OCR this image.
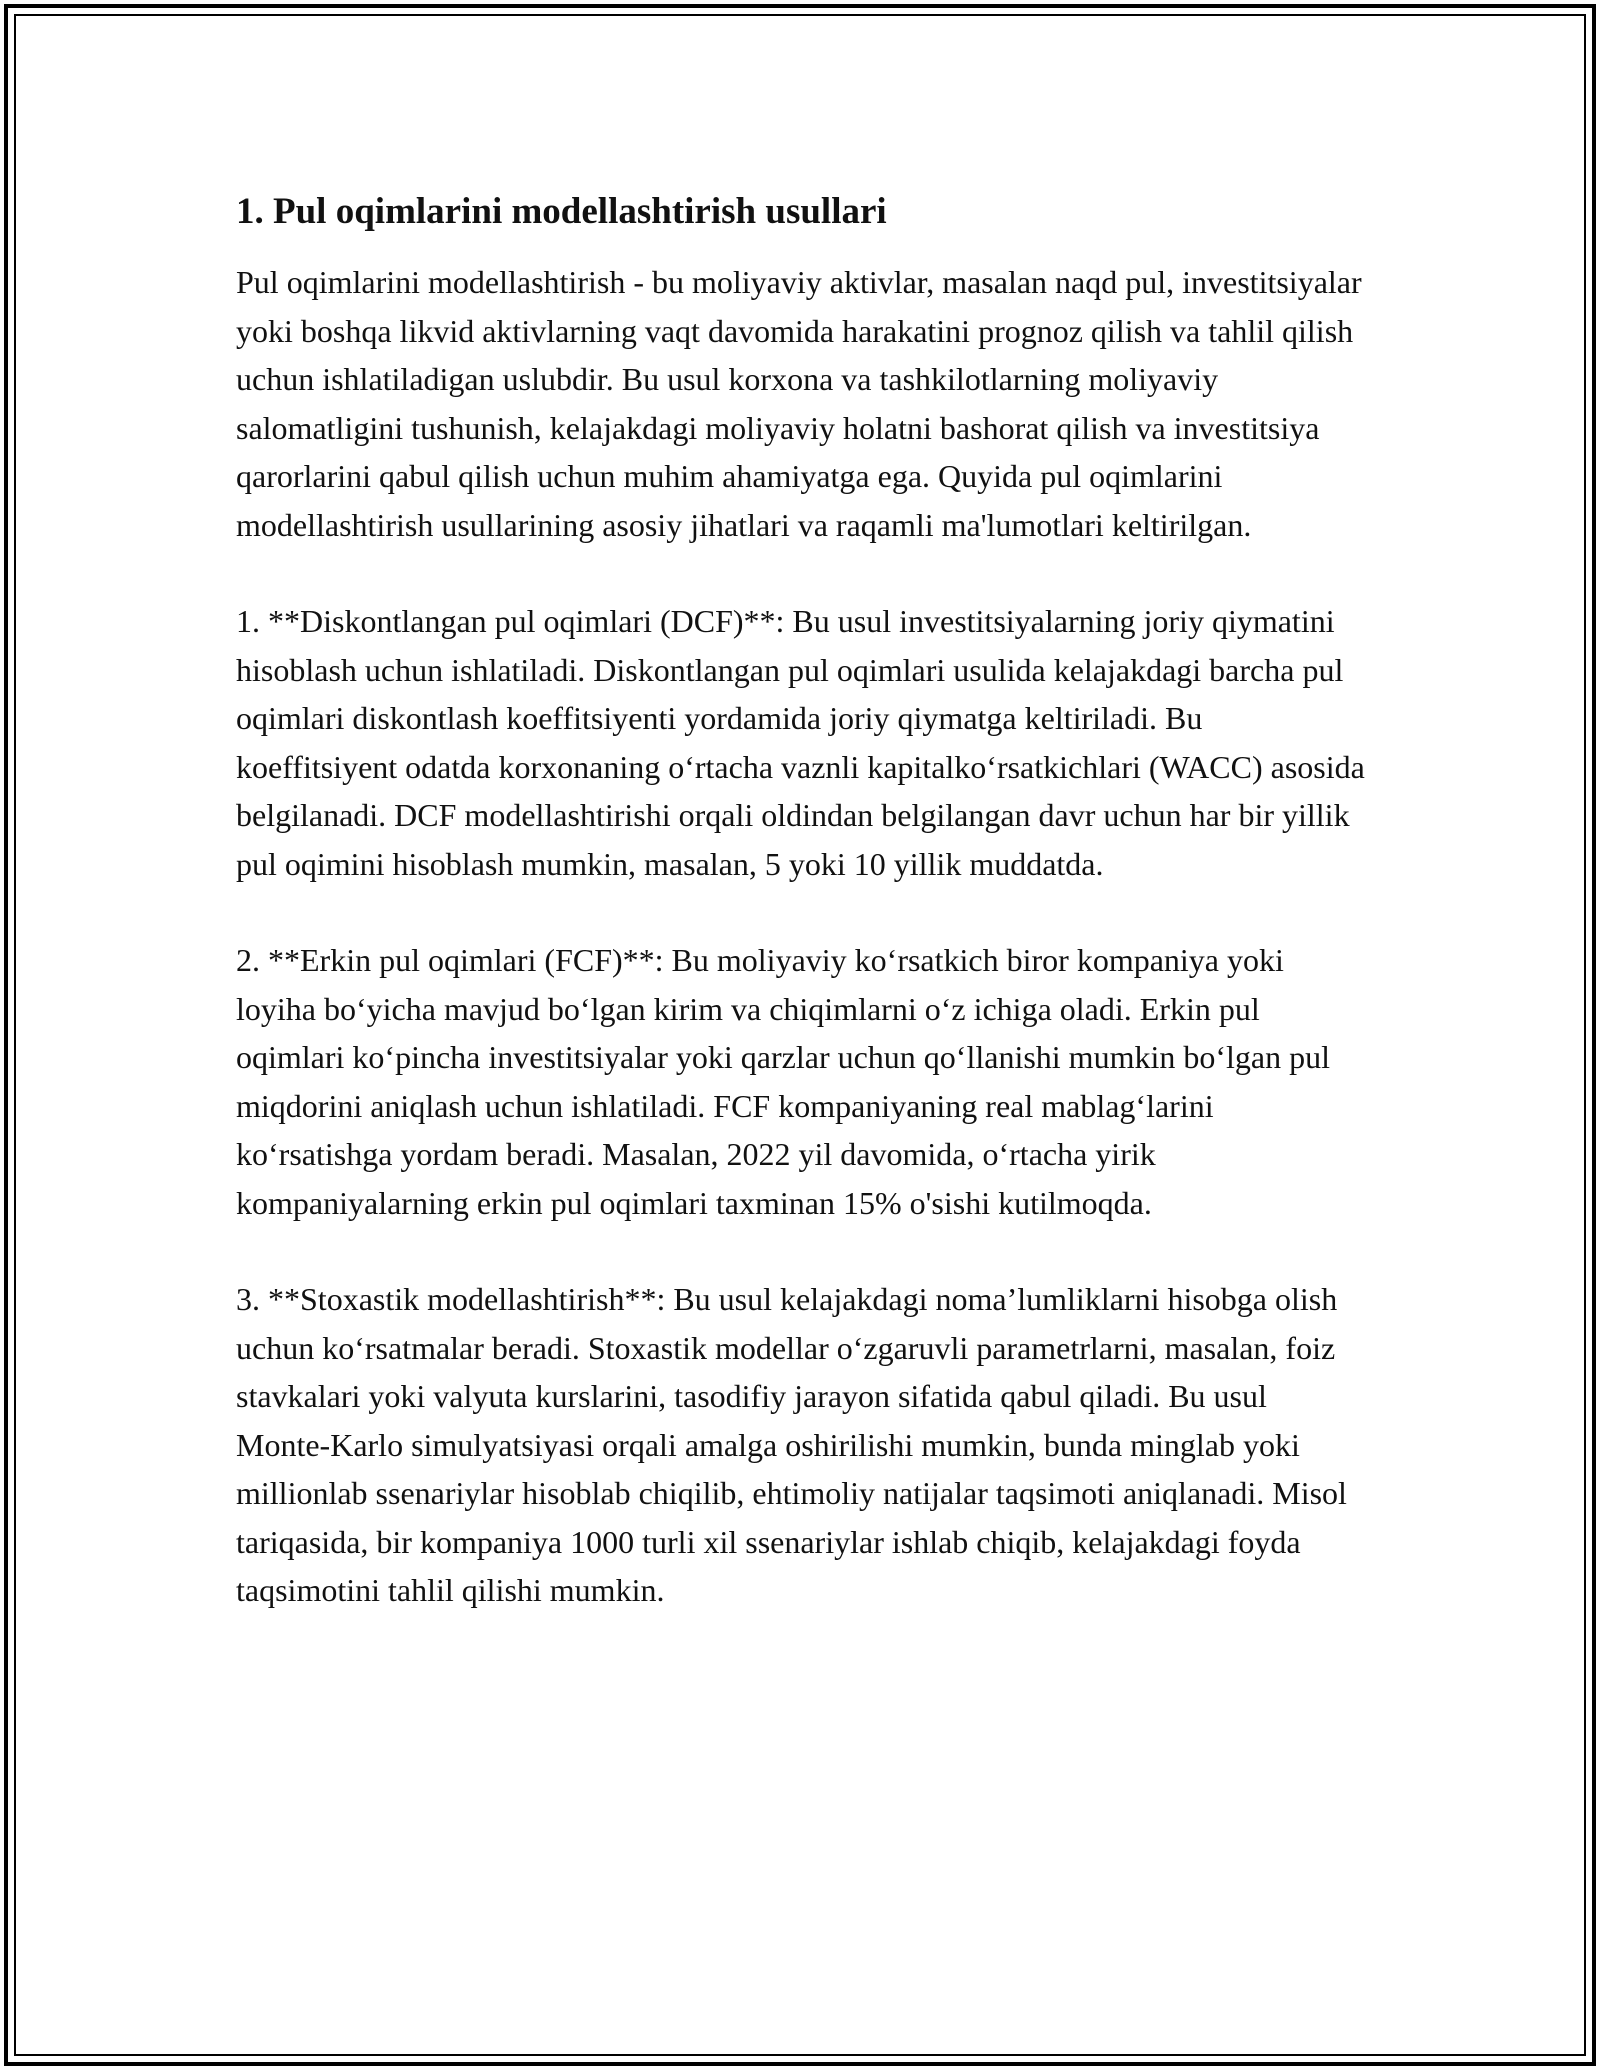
1. Pul oqimlarini modellashtirish usullari

Pul oqimlarini modellashtirish - bu moliyaviy aktivlar, masalan naqd pul, investitsiyalar yoki boshqa likvid aktivlarning vaqt davomida harakatini prognoz qilish va tahlil qilish uchun ishlatiladigan uslubdir. Bu usul korxona va tashkilotlarning moliyaviy salomatligini tushunish, kelajakdagi moliyaviy holatni bashorat qilish va investitsiya qarorlarini qabul qilish uchun muhim ahamiyatga ega. Quyida pul oqimlarini modellashtirish usullarining asosiy jihatlari va raqamli ma'lumotlari keltirilgan.

1. **Diskontlangan pul oqimlari (DCF)**: Bu usul investitsiyalarning joriy qiymatini hisoblash uchun ishlatiladi. Diskontlangan pul oqimlari usulida kelajakdagi barcha pul oqimlari diskontlash koeffitsiyenti yordamida joriy qiymatga keltiriladi. Bu koeffitsiyent odatda korxonaning oʻrtacha vaznli kapitalkoʻrsatkichlari (WACC) asosida belgilanadi. DCF modellashtirishi orqali oldindan belgilangan davr uchun har bir yillik pul oqimini hisoblash mumkin, masalan, 5 yoki 10 yillik muddatda.

2. **Erkin pul oqimlari (FCF)**: Bu moliyaviy koʻrsatkich biror kompaniya yoki loyiha boʻyicha mavjud boʻlgan kirim va chiqimlarni oʻz ichiga oladi. Erkin pul oqimlari koʻpincha investitsiyalar yoki qarzlar uchun qoʻllanishi mumkin boʻlgan pul miqdorini aniqlash uchun ishlatiladi. FCF kompaniyaning real mablagʻlarini koʻrsatishga yordam beradi. Masalan, 2022 yil davomida, oʻrtacha yirik kompaniyalarning erkin pul oqimlari taxminan 15% o'sishi kutilmoqda.

3. **Stoxastik modellashtirish**: Bu usul kelajakdagi nomaʼlumliklarni hisobga olish uchun koʻrsatmalar beradi. Stoxastik modellar oʻzgaruvli parametrlarni, masalan, foiz stavkalari yoki valyuta kurslarini, tasodifiy jarayon sifatida qabul qiladi. Bu usul Monte-Karlo simulyatsiyasi orqali amalga oshirilishi mumkin, bunda minglab yoki millionlab ssenariylar hisoblab chiqilib, ehtimoliy natijalar taqsimoti aniqlanadi. Misol tariqasida, bir kompaniya 1000 turli xil ssenariylar ishlab chiqib, kelajakdagi foyda taqsimotini tahlil qilishi mumkin.
